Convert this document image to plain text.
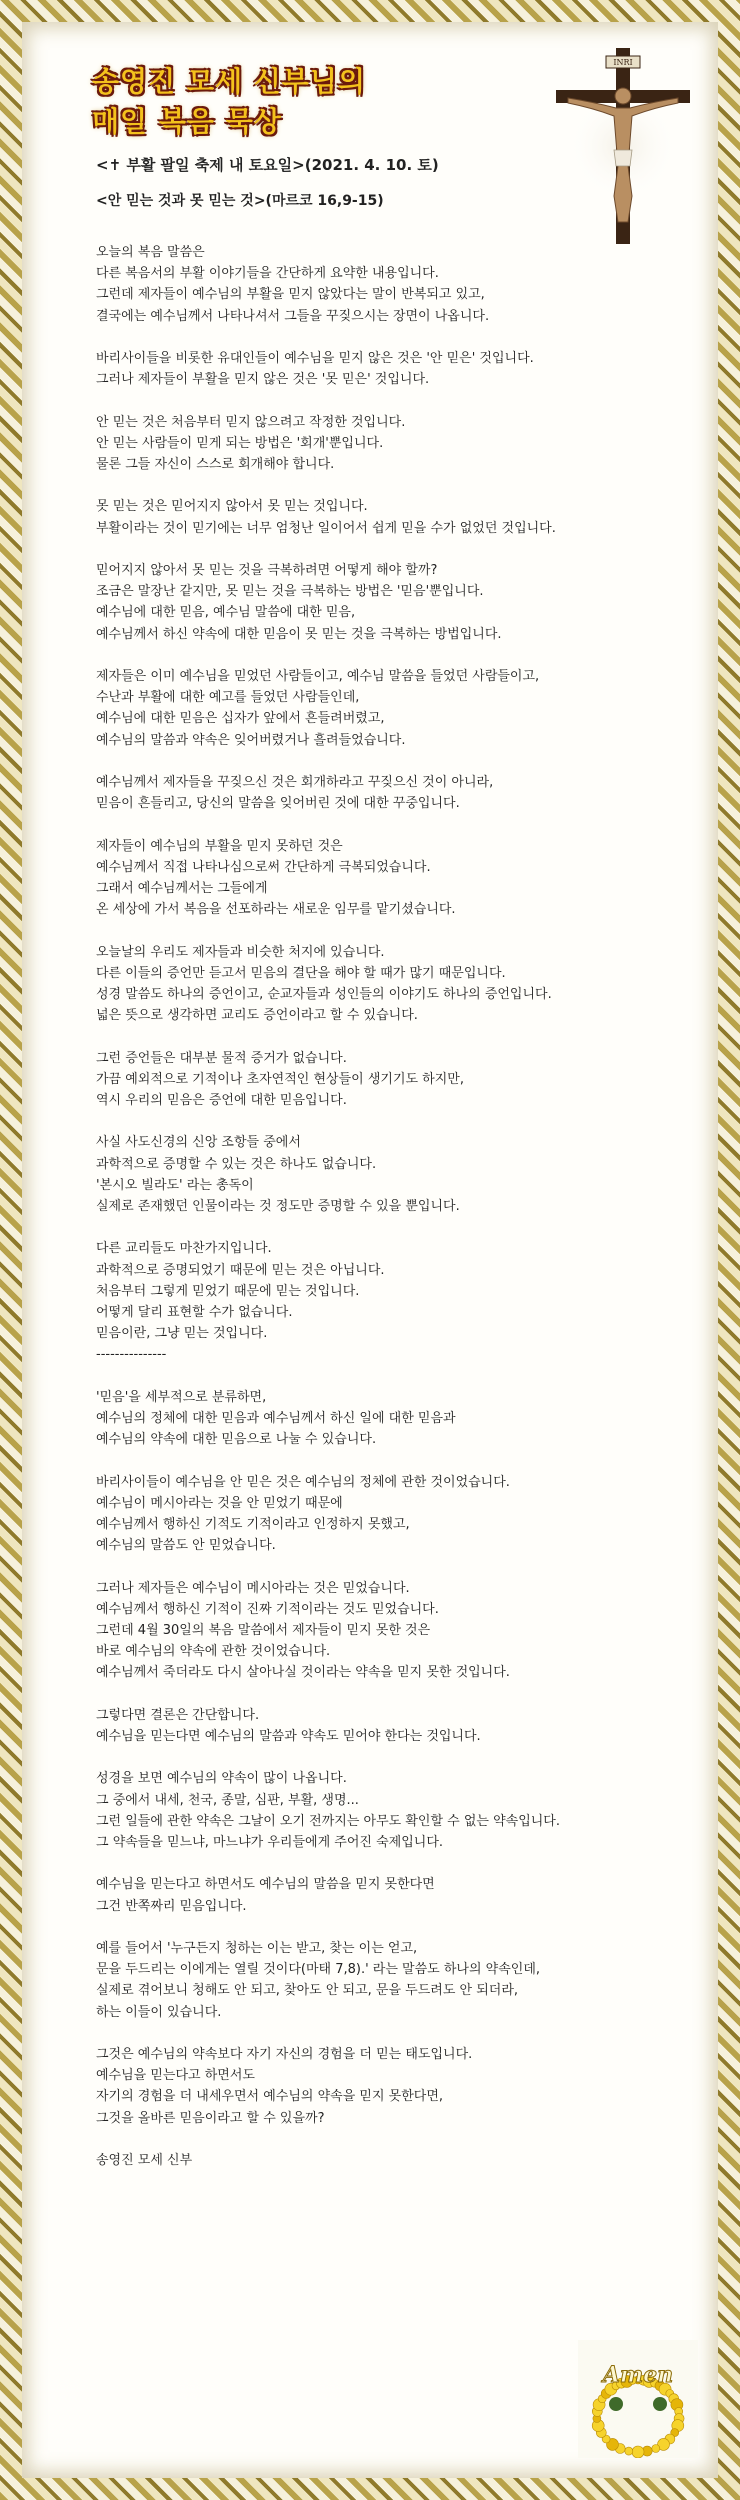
송영진 모세 신부님의
매일 복음 묵상
INRI
<✝ 부활 팔일 축제 내 토요일>(2021. 4. 10. 토)
<안 믿는 것과 못 믿는 것>(마르코 16,9-15)
오늘의 복음 말씀은
다른 복음서의 부활 이야기들을 간단하게 요약한 내용입니다.
그런데 제자들이 예수님의 부활을 믿지 않았다는 말이 반복되고 있고,
결국에는 예수님께서 나타나셔서 그들을 꾸짖으시는 장면이 나옵니다.
바리사이들을 비롯한 유대인들이 예수님을 믿지 않은 것은 '안 믿은' 것입니다.
그러나 제자들이 부활을 믿지 않은 것은 '못 믿은' 것입니다.
안 믿는 것은 처음부터 믿지 않으려고 작정한 것입니다.
안 믿는 사람들이 믿게 되는 방법은 '회개'뿐입니다.
물론 그들 자신이 스스로 회개해야 합니다.
못 믿는 것은 믿어지지 않아서 못 믿는 것입니다.
부활이라는 것이 믿기에는 너무 엄청난 일이어서 쉽게 믿을 수가 없었던 것입니다.
믿어지지 않아서 못 믿는 것을 극복하려면 어떻게 해야 할까?
조금은 말장난 같지만, 못 믿는 것을 극복하는 방법은 '믿음'뿐입니다.
예수님에 대한 믿음, 예수님 말씀에 대한 믿음,
예수님께서 하신 약속에 대한 믿음이 못 믿는 것을 극복하는 방법입니다.
제자들은 이미 예수님을 믿었던 사람들이고, 예수님 말씀을 들었던 사람들이고,
수난과 부활에 대한 예고를 들었던 사람들인데,
예수님에 대한 믿음은 십자가 앞에서 흔들려버렸고,
예수님의 말씀과 약속은 잊어버렸거나 흘려들었습니다.
예수님께서 제자들을 꾸짖으신 것은 회개하라고 꾸짖으신 것이 아니라,
믿음이 흔들리고, 당신의 말씀을 잊어버린 것에 대한 꾸중입니다.
제자들이 예수님의 부활을 믿지 못하던 것은
예수님께서 직접 나타나심으로써 간단하게 극복되었습니다.
그래서 예수님께서는 그들에게
온 세상에 가서 복음을 선포하라는 새로운 임무를 맡기셨습니다.
오늘날의 우리도 제자들과 비슷한 처지에 있습니다.
다른 이들의 증언만 듣고서 믿음의 결단을 해야 할 때가 많기 때문입니다.
성경 말씀도 하나의 증언이고, 순교자들과 성인들의 이야기도 하나의 증언입니다.
넓은 뜻으로 생각하면 교리도 증언이라고 할 수 있습니다.
그런 증언들은 대부분 물적 증거가 없습니다.
가끔 예외적으로 기적이나 초자연적인 현상들이 생기기도 하지만,
역시 우리의 믿음은 증언에 대한 믿음입니다.
사실 사도신경의 신앙 조항들 중에서
과학적으로 증명할 수 있는 것은 하나도 없습니다.
'본시오 빌라도' 라는 총독이
실제로 존재했던 인물이라는 것 정도만 증명할 수 있을 뿐입니다.
다른 교리들도 마찬가지입니다.
과학적으로 증명되었기 때문에 믿는 것은 아닙니다.
처음부터 그렇게 믿었기 때문에 믿는 것입니다.
어떻게 달리 표현할 수가 없습니다.
믿음이란, 그냥 믿는 것입니다.
---------------
'믿음'을 세부적으로 분류하면,
예수님의 정체에 대한 믿음과 예수님께서 하신 일에 대한 믿음과
예수님의 약속에 대한 믿음으로 나눌 수 있습니다.
바리사이들이 예수님을 안 믿은 것은 예수님의 정체에 관한 것이었습니다.
예수님이 메시아라는 것을 안 믿었기 때문에
예수님께서 행하신 기적도 기적이라고 인정하지 못했고,
예수님의 말씀도 안 믿었습니다.
그러나 제자들은 예수님이 메시아라는 것은 믿었습니다.
예수님께서 행하신 기적이 진짜 기적이라는 것도 믿었습니다.
그런데 4월 30일의 복음 말씀에서 제자들이 믿지 못한 것은
바로 예수님의 약속에 관한 것이었습니다.
예수님께서 죽더라도 다시 살아나실 것이라는 약속을 믿지 못한 것입니다.
그렇다면 결론은 간단합니다.
예수님을 믿는다면 예수님의 말씀과 약속도 믿어야 한다는 것입니다.
성경을 보면 예수님의 약속이 많이 나옵니다.
그 중에서 내세, 천국, 종말, 심판, 부활, 생명...
그런 일들에 관한 약속은 그날이 오기 전까지는 아무도 확인할 수 없는 약속입니다.
그 약속들을 믿느냐, 마느냐가 우리들에게 주어진 숙제입니다.
예수님을 믿는다고 하면서도 예수님의 말씀을 믿지 못한다면
그건 반쪽짜리 믿음입니다.
예를 들어서 '누구든지 청하는 이는 받고, 찾는 이는 얻고,
문을 두드리는 이에게는 열릴 것이다(마태 7,8).' 라는 말씀도 하나의 약속인데,
실제로 겪어보니 청해도 안 되고, 찾아도 안 되고, 문을 두드려도 안 되더라,
하는 이들이 있습니다.
그것은 예수님의 약속보다 자기 자신의 경험을 더 믿는 태도입니다.
예수님을 믿는다고 하면서도
자기의 경험을 더 내세우면서 예수님의 약속을 믿지 못한다면,
그것을 올바른 믿음이라고 할 수 있을까?
송영진 모세 신부
Amen
